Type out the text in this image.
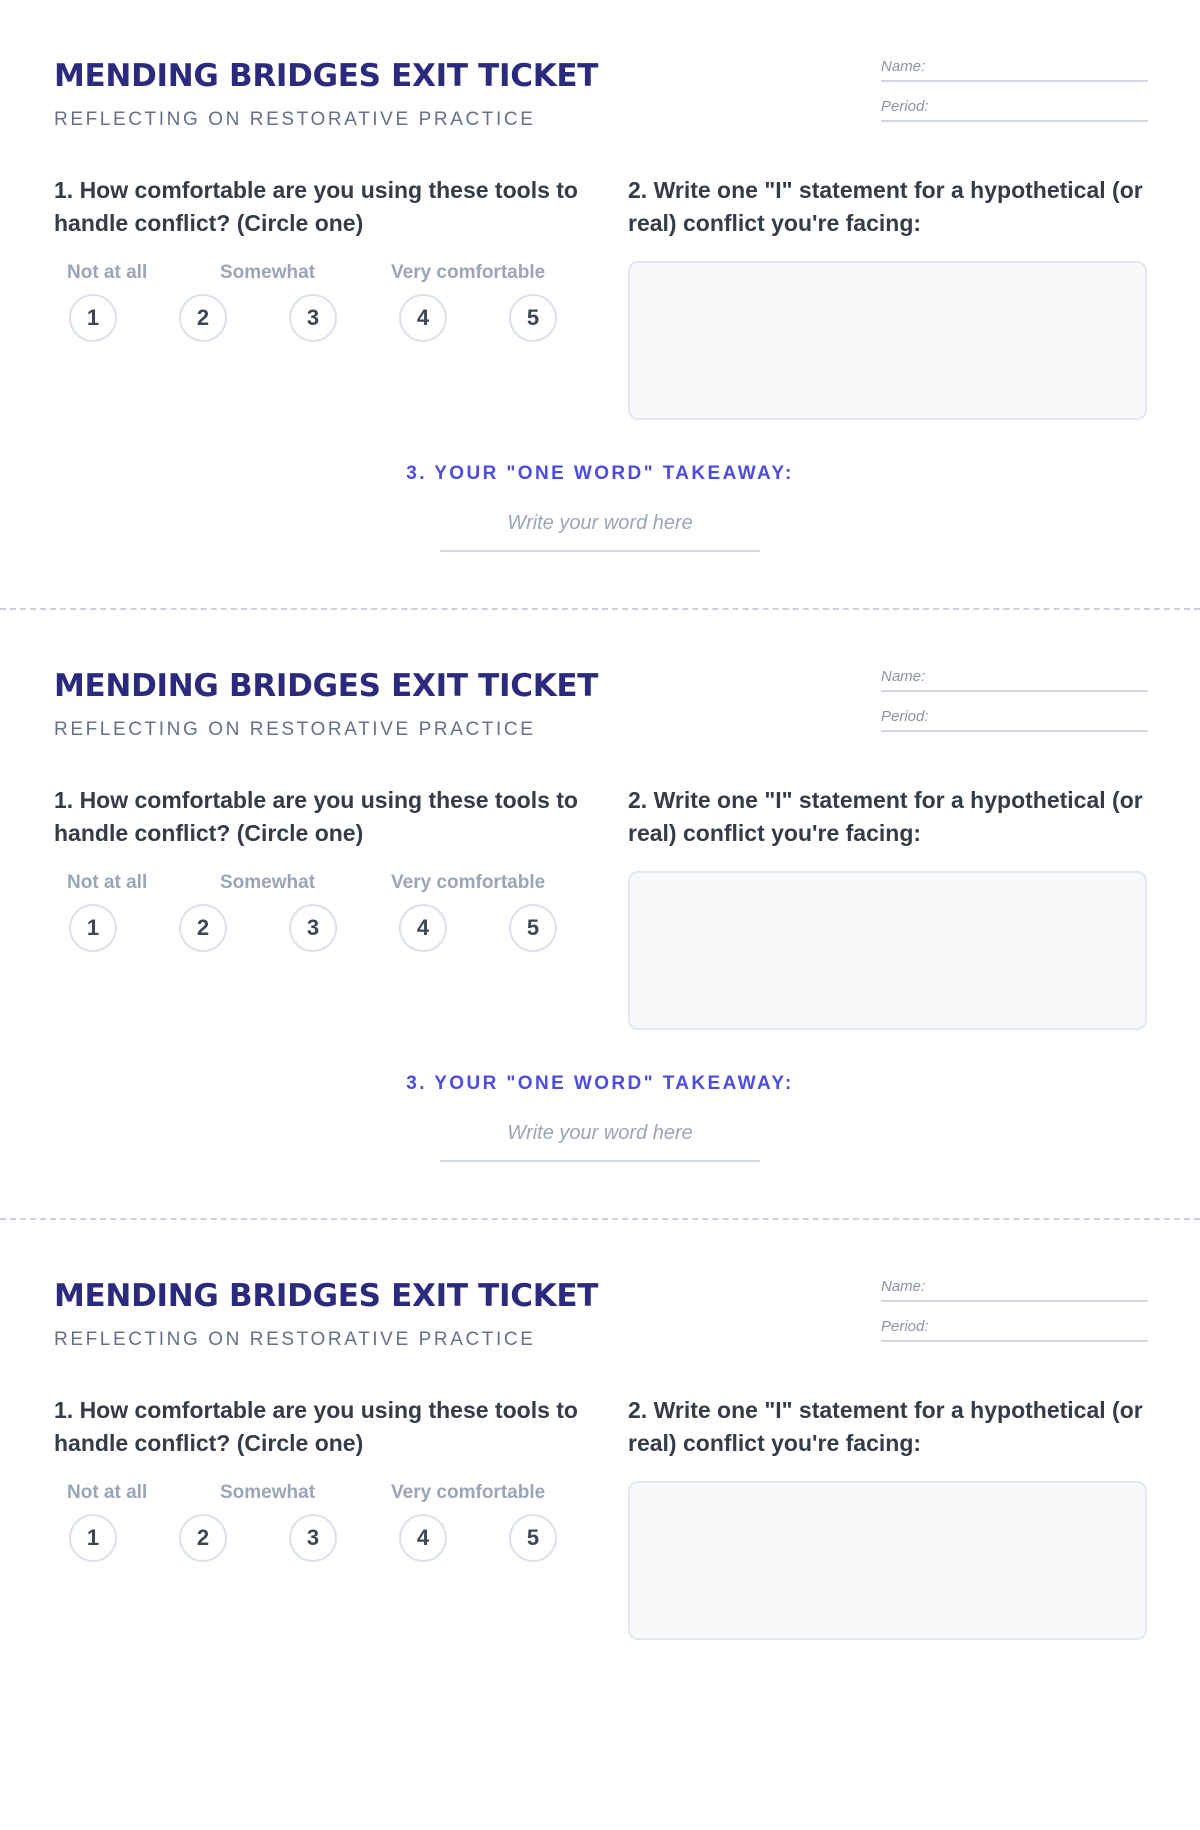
MENDING BRIDGES EXIT TICKET
REFLECTING ON RESTORATIVE PRACTICE
Name:
Period:

1. How comfortable are you using these tools to handle conflict? (Circle one)

Not at all	Somewhat	Very comfortable
1	2	3	4	5

2. Write one "I" statement for a hypothetical (or real) conflict you're facing:

3. YOUR "ONE WORD" TAKEAWAY:

Write your word here
MENDING BRIDGES EXIT TICKET
REFLECTING ON RESTORATIVE PRACTICE
Name:
Period:

1. How comfortable are you using these tools to handle conflict? (Circle one)

Not at all	Somewhat	Very comfortable
1	2	3	4	5

2. Write one "I" statement for a hypothetical (or real) conflict you're facing:

3. YOUR "ONE WORD" TAKEAWAY:

Write your word here
MENDING BRIDGES EXIT TICKET
REFLECTING ON RESTORATIVE PRACTICE
Name:
Period:

1. How comfortable are you using these tools to handle conflict? (Circle one)

Not at all	Somewhat	Very comfortable
1	2	3	4	5

2. Write one "I" statement for a hypothetical (or real) conflict you're facing:
